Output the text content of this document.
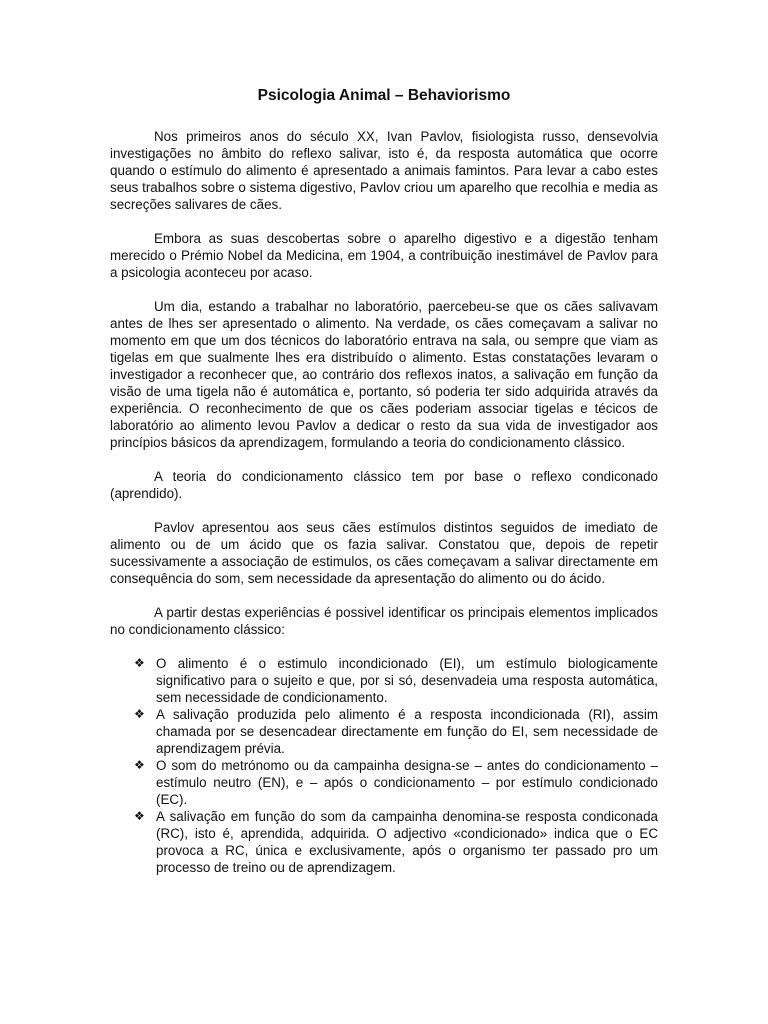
Psicologia Animal – Behaviorismo

Nos primeiros anos do século XX, Ivan Pavlov, fisiologista russo, densevolvia investigações no âmbito do reflexo salivar, isto é, da resposta automática que ocorre quando o estímulo do alimento é apresentado a animais famintos. Para levar a cabo estes seus trabalhos sobre o sistema digestivo, Pavlov criou um aparelho que recolhia e media as secreções salivares de cães.

Embora as suas descobertas sobre o aparelho digestivo e a digestão tenham merecido o Prémio Nobel da Medicina, em 1904, a contribuição inestimável de Pavlov para a psicologia aconteceu por acaso.

Um dia, estando a trabalhar no laboratório, paercebeu-se que os cães salivavam antes de lhes ser apresentado o alimento. Na verdade, os cães começavam a salivar no momento em que um dos técnicos do laboratório entrava na sala, ou sempre que viam as tigelas em que sualmente lhes era distribuído o alimento. Estas constatações levaram o investigador a reconhecer que, ao contrário dos reflexos inatos, a salivação em função da visão de uma tigela não é automática e, portanto, só poderia ter sido adquirida através da experiência. O reconhecimento de que os cães poderiam associar tigelas e técicos de laboratório ao alimento levou Pavlov a dedicar o resto da sua vida de investigador aos princípios básicos da aprendizagem, formulando a teoria do condicionamento clássico.

A teoria do condicionamento clássico tem por base o reflexo condiconado (aprendido).

Pavlov apresentou aos seus cães estímulos distintos seguidos de imediato de alimento ou de um ácido que os fazia salivar. Constatou que, depois de repetir sucessivamente a associação de estimulos, os cães começavam a salivar directamente em consequência do som, sem necessidade da apresentação do alimento ou do ácido.

A partir destas experiências é possivel identificar os principais elementos implicados no condicionamento clássico:

❖ O alimento é o estimulo incondicionado (EI), um estímulo biologicamente significativo para o sujeito e que, por si só, desenvadeia uma resposta automática, sem necessidade de condicionamento.
❖ A salivação produzida pelo alimento é a resposta incondicionada (RI), assim chamada por se desencadear directamente em função do EI, sem necessidade de aprendizagem prévia.
❖ O som do metrónomo ou da campainha designa-se – antes do condicionamento – estímulo neutro (EN), e – após o condicionamento – por estímulo condicionado (EC).
❖ A salivação em função do som da campainha denomina-se resposta condiconada (RC), isto é, aprendida, adquirida. O adjectivo «condicionado» indica que o EC provoca a RC, única e exclusivamente, após o organismo ter passado pro um processo de treino ou de aprendizagem.
